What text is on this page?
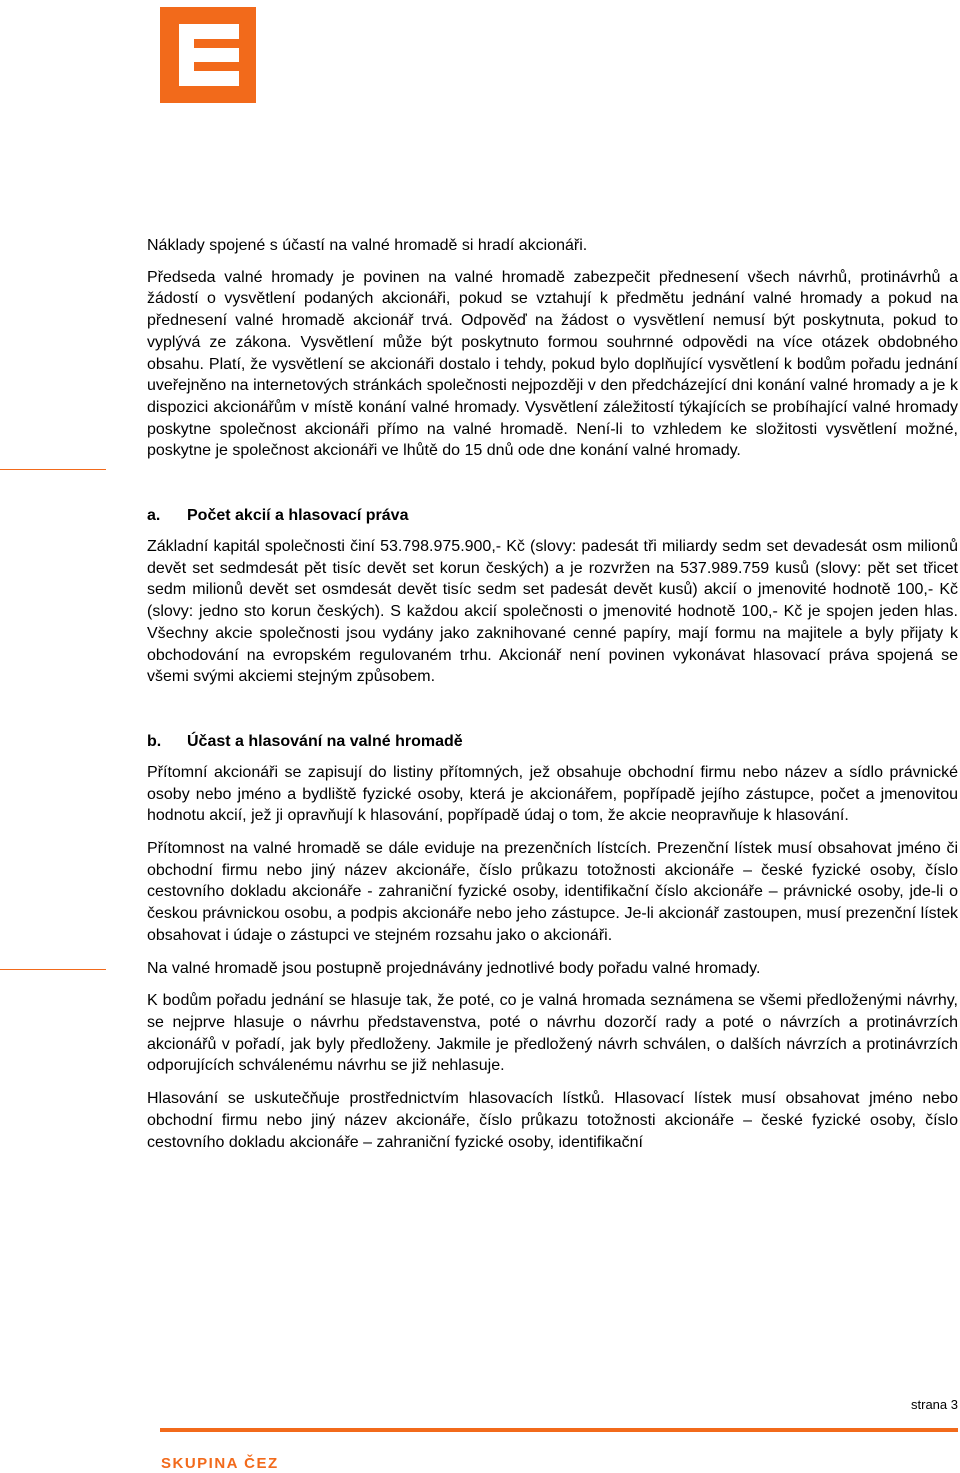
Náklady spojené s účastí na valné hromadě si hradí akcionáři.

Předseda valné hromady je povinen na valné hromadě zabezpečit přednesení všech návrhů, protinávrhů a žádostí o vysvětlení podaných akcionáři, pokud se vztahují k předmětu jednání valné hromady a pokud na přednesení valné hromadě akcionář trvá. Odpověď na žádost o vysvětlení nemusí být poskytnuta, pokud to vyplývá ze zákona. Vysvětlení může být poskytnuto formou souhrnné odpovědi na více otázek obdobného obsahu. Platí, že vysvětlení se akcionáři dostalo i tehdy, pokud bylo doplňující vysvětlení k bodům pořadu jednání uveřejněno na internetových stránkách společnosti nejpozději v den předcházející dni konání valné hromady a je k dispozici akcionářům v místě konání valné hromady. Vysvětlení záležitostí týkajících se probíhající valné hromady poskytne společnost akcionáři přímo na valné hromadě. Není-li to vzhledem ke složitosti vysvětlení možné, poskytne je společnost akcionáři ve lhůtě do 15 dnů ode dne konání valné hromady.

a.	Počet akcií a hlasovací práva

Základní kapitál společnosti činí 53.798.975.900,- Kč (slovy: padesát tři miliardy sedm set devadesát osm milionů devět set sedmdesát pět tisíc devět set korun českých) a je rozvržen na 537.989.759 kusů (slovy: pět set třicet sedm milionů devět set osmdesát devět tisíc sedm set padesát devět kusů) akcií o jmenovité hodnotě 100,- Kč (slovy: jedno sto korun českých). S každou akcií společnosti o jmenovité hodnotě 100,- Kč je spojen jeden hlas. Všechny akcie společnosti jsou vydány jako zaknihované cenné papíry, mají formu na majitele a byly přijaty k obchodování na evropském regulovaném trhu. Akcionář není povinen vykonávat hlasovací práva spojená se všemi svými akciemi stejným způsobem.

b.	Účast a hlasování na valné hromadě

Přítomní akcionáři se zapisují do listiny přítomných, jež obsahuje obchodní firmu nebo název a sídlo právnické osoby nebo jméno a bydliště fyzické osoby, která je akcionářem, popřípadě jejího zástupce, počet a jmenovitou hodnotu akcií, jež ji opravňují k hlasování, popřípadě údaj o tom, že akcie neopravňuje k hlasování.

Přítomnost na valné hromadě se dále eviduje na prezenčních lístcích. Prezenční lístek musí obsahovat jméno či obchodní firmu nebo jiný název akcionáře, číslo průkazu totožnosti akcionáře – české fyzické osoby, číslo cestovního dokladu akcionáře - zahraniční fyzické osoby, identifikační číslo akcionáře – právnické osoby, jde-li o českou právnickou osobu, a podpis akcionáře nebo jeho zástupce. Je-li akcionář zastoupen, musí prezenční lístek obsahovat i údaje o zástupci ve stejném rozsahu jako o akcionáři.

Na valné hromadě jsou postupně projednávány jednotlivé body pořadu valné hromady.

K bodům pořadu jednání se hlasuje tak, že poté, co je valná hromada seznámena se všemi předloženými návrhy, se nejprve hlasuje o návrhu představenstva, poté o návrhu dozorčí rady a poté o návrzích a protinávrzích akcionářů v pořadí, jak byly předloženy. Jakmile je předložený návrh schválen, o dalších návrzích a protinávrzích odporujících schválenému návrhu se již nehlasuje.

Hlasování se uskutečňuje prostřednictvím hlasovacích lístků. Hlasovací lístek musí obsahovat jméno nebo obchodní firmu nebo jiný název akcionáře, číslo průkazu totožnosti akcionáře – české fyzické osoby, číslo cestovního dokladu akcionáře – zahraniční fyzické osoby, identifikační

strana 3
SKUPINA ČEZ
